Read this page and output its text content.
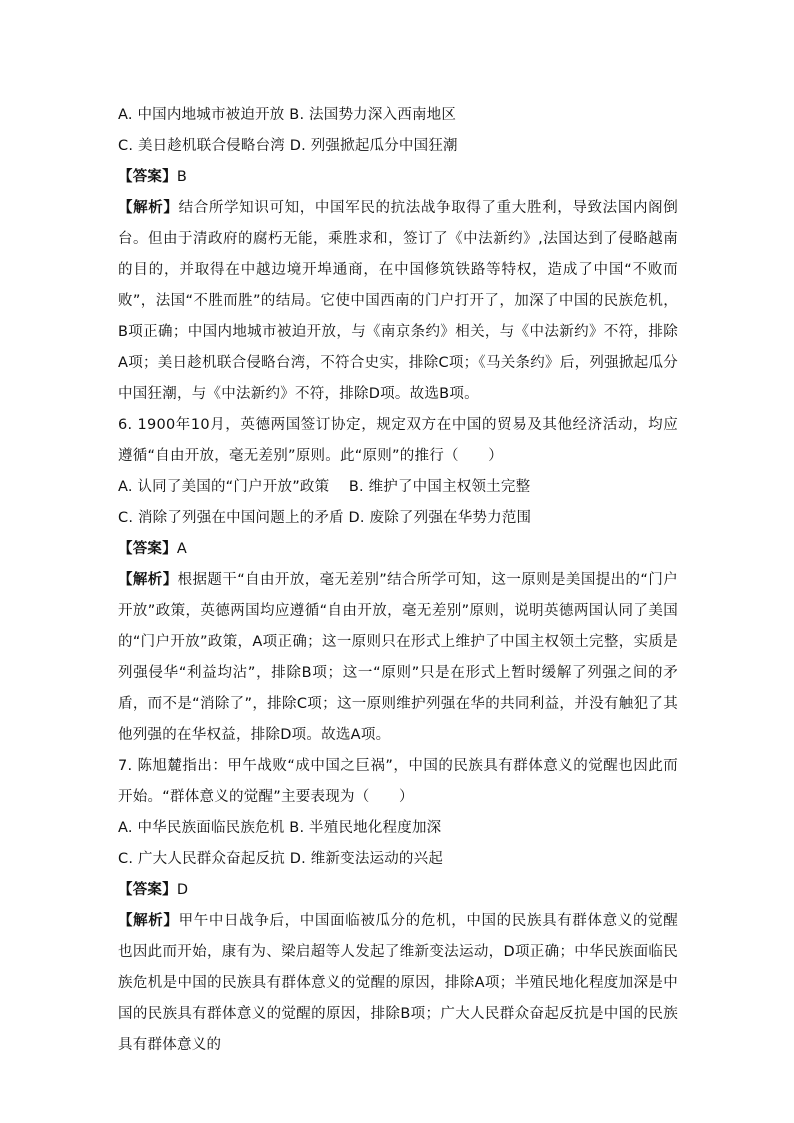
A. 中国内地城市被迫开放 B. 法国势力深入西南地区
C. 美日趁机联合侵略台湾 D. 列强掀起瓜分中国狂潮
【答案】B

【解析】结合所学知识可知，中国军民的抗法战争取得了重大胜利，导致法国内阁倒台。但由于清政府的腐朽无能，乘胜求和，签订了《中法新约》,法国达到了侵略越南的目的，并取得在中越边境开埠通商，在中国修筑铁路等特权，造成了中国“不败而败”，法国“不胜而胜”的结局。它使中国西南的门户打开了，加深了中国的民族危机，B项正确；中国内地城市被迫开放，与《南京条约》相关，与《中法新约》不符，排除A项；美日趁机联合侵略台湾，不符合史实，排除C项；《马关条约》后，列强掀起瓜分中国狂潮，与《中法新约》不符，排除D项。故选B项。

6. 1900年10月，英德两国签订协定，规定双方在中国的贸易及其他经济活动，均应遵循“自由开放，毫无差别”原则。此“原则”的推行（　　）

A. 认同了美国的“门户开放”政策　 B. 维护了中国主权领土完整
C. 消除了列强在中国问题上的矛盾 D. 废除了列强在华势力范围
【答案】A

【解析】根据题干“自由开放，毫无差别”结合所学可知，这一原则是美国提出的“门户开放”政策，英德两国均应遵循“自由开放，毫无差别”原则，说明英德两国认同了美国的“门户开放”政策，A项正确；这一原则只在形式上维护了中国主权领土完整，实质是列强侵华“利益均沾”，排除B项；这一“原则”只是在形式上暂时缓解了列强之间的矛盾，而不是“消除了”，排除C项；这一原则维护列强在华的共同利益，并没有触犯了其他列强的在华权益，排除D项。故选A项。

7. 陈旭麓指出：甲午战败“成中国之巨祸”，中国的民族具有群体意义的觉醒也因此而开始。“群体意义的觉醒”主要表现为（　　）

A. 中华民族面临民族危机 B. 半殖民地化程度加深
C. 广大人民群众奋起反抗 D. 维新变法运动的兴起
【答案】D

【解析】甲午中日战争后，中国面临被瓜分的危机，中国的民族具有群体意义的觉醒也因此而开始，康有为、梁启超等人发起了维新变法运动，D项正确；中华民族面临民族危机是中国的民族具有群体意义的觉醒的原因，排除A项；半殖民地化程度加深是中国的民族具有群体意义的觉醒的原因，排除B项；广大人民群众奋起反抗是中国的民族具有群体意义的
